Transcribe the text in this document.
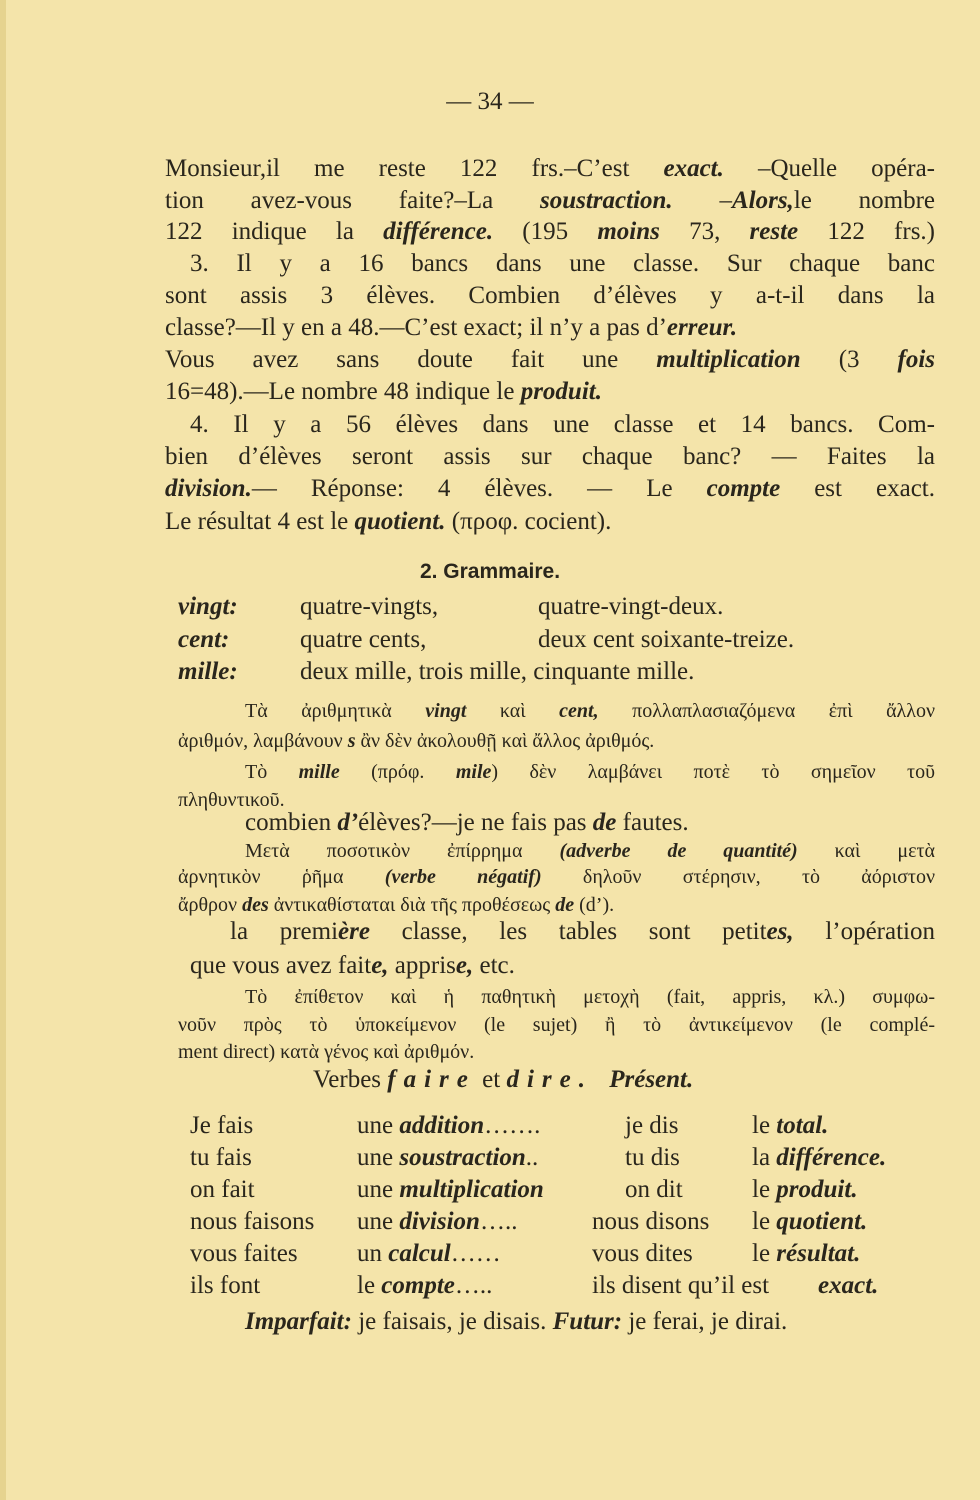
— 34 —
Monsieur,il me reste 122 frs.–C’est exact. –Quelle opéra-
tion avez-vous faite?–La soustraction. –Alors,le nombre
122 indique la différence. (195 moins 73, reste 122 frs.)
3. Il y a 16 bancs dans une classe. Sur chaque banc
sont assis 3 élèves. Combien d’élèves y a-t-il dans la
classe?—Il y en a 48.—C’est exact; il n’y a pas d’erreur.
Vous avez sans doute fait une multiplication (3 fois
16=48).—Le nombre 48 indique le produit.
4. Il y a 56 élèves dans une classe et 14 bancs. Com-
bien d’élèves seront assis sur chaque banc? — Faites la
division.— Réponse: 4 élèves. — Le compte est exact.
Le résultat 4 est le quotient. (προφ. cocient).
2. Grammaire.
vingt: quatre-vingts,	quatre-vingt-deux.
cent:	quatre cents,	deux cent soixante-treize.
mille: deux mille, trois mille, cinquante mille.
Τὰ ἀριθμητικὰ vingt καὶ cent, πολλαπλασιαζόμενα ἐπὶ ἄλλον
ἀριθμόν, λαμβάνουν s ἂν δὲν ἀκολουθῇ καὶ ἄλλος ἀριθμός.
Τὸ mille (πρόφ. mile) δὲν λαμβάνει ποτὲ τὸ σημεῖον τοῦ
πληθυντικοῦ.
combien d’élèves?—je ne fais pas de fautes.
Μετὰ ποσοτικὸν ἐπίρρημα (adverbe de quantité) καὶ μετὰ
ἀρνητικὸν ῥῆμα (verbe négatif) δηλοῦν στέρησιν, τὸ ἀόριστον
ἄρθρον des ἀντικαθίσταται διὰ τῆς προθέσεως de (d’).
la première classe, les tables sont petites, l’opération
que vous avez faite, apprise, etc.
Τὸ ἐπίθετον καὶ ἡ παθητικὴ μετοχὴ (fait, appris, κλ.) συμφω-
νοῦν πρὸς τὸ ὑποκείμενον (le sujet) ἢ τὸ ἀντικείμενον (le complé-
ment direct) κατὰ γένος καὶ ἀριθμόν.
Verbes faire et dire. Présent.
Je fais	une addition…….	je dis	le total.
tu fais	une soustraction..	tu dis	la différence.
on fait	une multiplication	on dit	le produit.
nous faisons une division…..	nous disons le quotient.
vous faites un calcul……	vous dites le résultat.
ils font	le compte…..	ils disent qu’il est exact.
Imparfait: je faisais, je disais. Futur: je ferai, je dirai.
